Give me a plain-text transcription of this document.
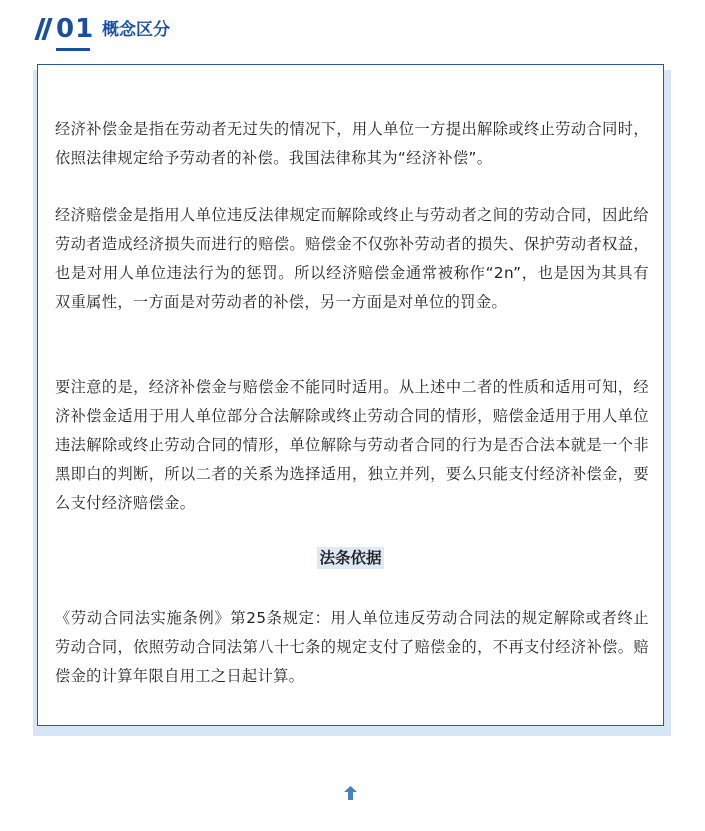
01 概念区分

经济补偿金是指在劳动者无过失的情况下，用人单位一方提出解除或终止劳动合同时，依照法律规定给予劳动者的补偿。我国法律称其为“经济补偿”。

经济赔偿金是指用人单位违反法律规定而解除或终止与劳动者之间的劳动合同，因此给劳动者造成经济损失而进行的赔偿。赔偿金不仅弥补劳动者的损失、保护劳动者权益，也是对用人单位违法行为的惩罚。所以经济赔偿金通常被称作“2n”，也是因为其具有双重属性，一方面是对劳动者的补偿，另一方面是对单位的罚金。

要注意的是，经济补偿金与赔偿金不能同时适用。从上述中二者的性质和适用可知，经济补偿金适用于用人单位部分合法解除或终止劳动合同的情形，赔偿金适用于用人单位违法解除或终止劳动合同的情形，单位解除与劳动者合同的行为是否合法本就是一个非黑即白的判断，所以二者的关系为选择适用，独立并列，要么只能支付经济补偿金，要么支付经济赔偿金。

法条依据

《劳动合同法实施条例》第25条规定：用人单位违反劳动合同法的规定解除或者终止劳动合同，依照劳动合同法第八十七条的规定支付了赔偿金的，不再支付经济补偿。赔偿金的计算年限自用工之日起计算。
